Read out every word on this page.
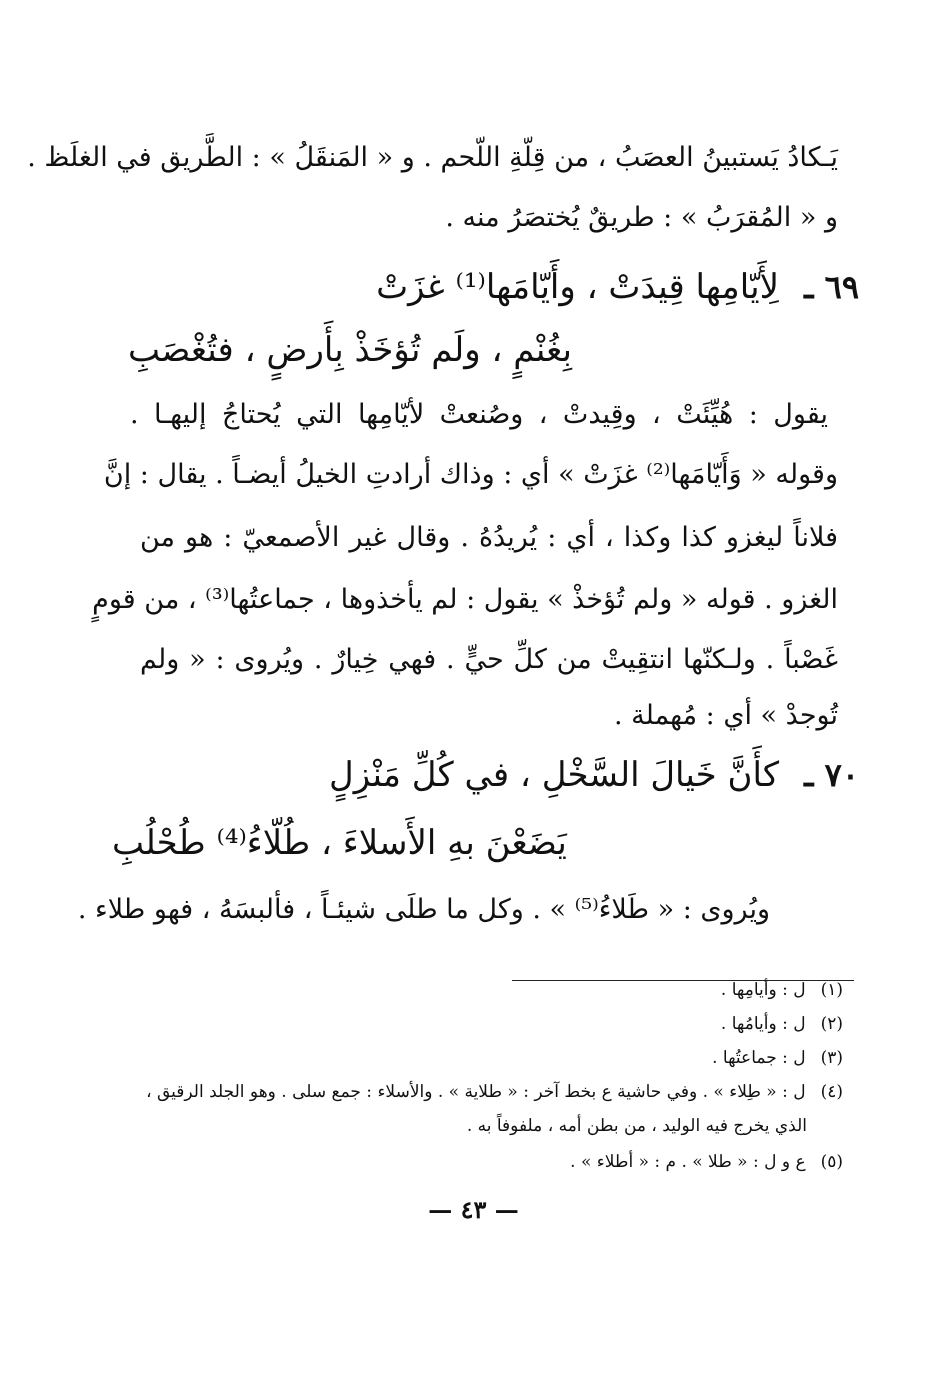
يَـكادُ يَستبينُ العصَبُ ، من قِلّةِ اللّحم . و « المَنقَلُ » : الطَّريق في الغلَظ .
و « المُقرَبُ » : طريقٌ يُختصَرُ منه .
٦٩ ـ
لِأَيّامِها قِيدَتْ ، وأَيّامَها⁽¹⁾ غزَتْ
بِغُنْمٍ ، ولَم تُؤخَذْ بِأَرضٍ ، فتُغْصَبِ
يقول : هُيِّئَتْ ، وقِيدتْ ، وصُنعتْ لأيّامِها التي يُحتاجُ إليهـا .
وقوله « وَأَيّامَها⁽²⁾ غزَتْ » أي : وذاك أرادتِ الخيلُ أيضـاً . يقال : إنَّ
فلاناً ليغزو كذا وكذا ، أي : يُريدُهُ . وقال غير الأصمعيّ : هو من
الغزو . قوله « ولم تُؤخذْ » يقول : لم يأخذوها ، جماعتُها⁽³⁾ ، من قومٍ
غَصْباً . ولـكنّها انتقِيتْ من كلِّ حيٍّ . فهي خِيارٌ . ويُروى : « ولم
تُوجدْ » أي : مُهملة .
٧٠ ـ
كأَنَّ خَيالَ السَّخْلِ ، في كُلِّ مَنْزِلٍ
يَضَعْنَ بهِ الأَسلاءَ ، طُلّاءُ⁽⁴⁾ طُحْلُبِ
ويُروى : « طَلاءُ⁽⁵⁾ » . وكل ما طلَى شيئـاً ، فألبسَهُ ، فهو طلاء .
(١) ل : وأيامِها .
(٢) ل : وأيامُها .
(٣) ل : جماعتُها .
(٤) ل : « طِلاء » . وفي حاشية ع بخط آخر : « طلاية » . والأسلاء : جمع سلى . وهو الجلد الرقيق ،
الذي يخرج فيه الوليد ، من بطن أمه ، ملفوفاً به .
(٥) ع و ل : « طلا » . م : « أطلاء » .
— ٤٣ —
